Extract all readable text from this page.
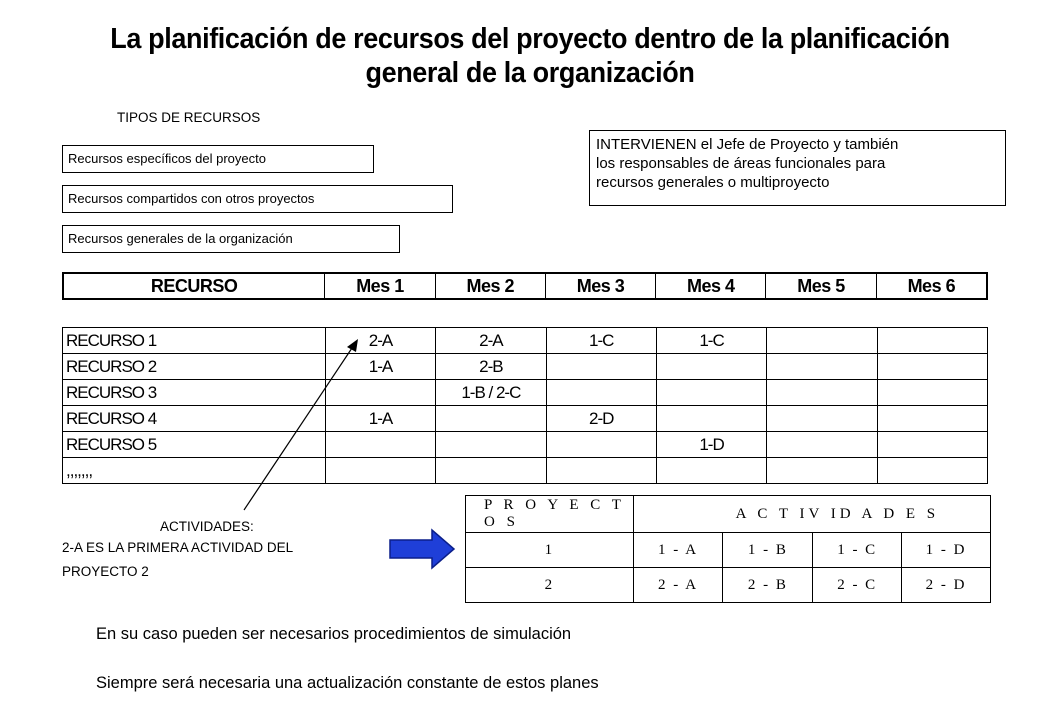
La planificación de recursos del proyecto dentro de la planificación
general de la organización
TIPOS DE RECURSOS
Recursos específicos del proyecto
Recursos compartidos con otros proyectos
Recursos generales de la organización
INTERVIENEN el Jefe de Proyecto y también
los responsables de áreas funcionales para
recursos generales o multiproyecto
RECURSO	Mes 1	Mes 2	Mes 3	Mes 4	Mes 5	Mes 6
RECURSO 1	2-A	2-A	1-C	1-C		
RECURSO 2	1-A	2-B				
RECURSO 3		1-B / 2-C				
RECURSO 4	1-A		2-D			
RECURSO 5				1-D		
,,,,,,,						
ACTIVIDADES:
2-A ES LA PRIMERA ACTIVIDAD DEL
PROYECTO 2
P R O Y E C T O S	A C T IV ID A D E S			
1	1 - A	1 - B	1 - C	1 - D
2	2 - A	2 - B	2 - C	2 - D
En su caso pueden ser necesarios procedimientos de simulación
Siempre será necesaria una actualización constante de estos planes
